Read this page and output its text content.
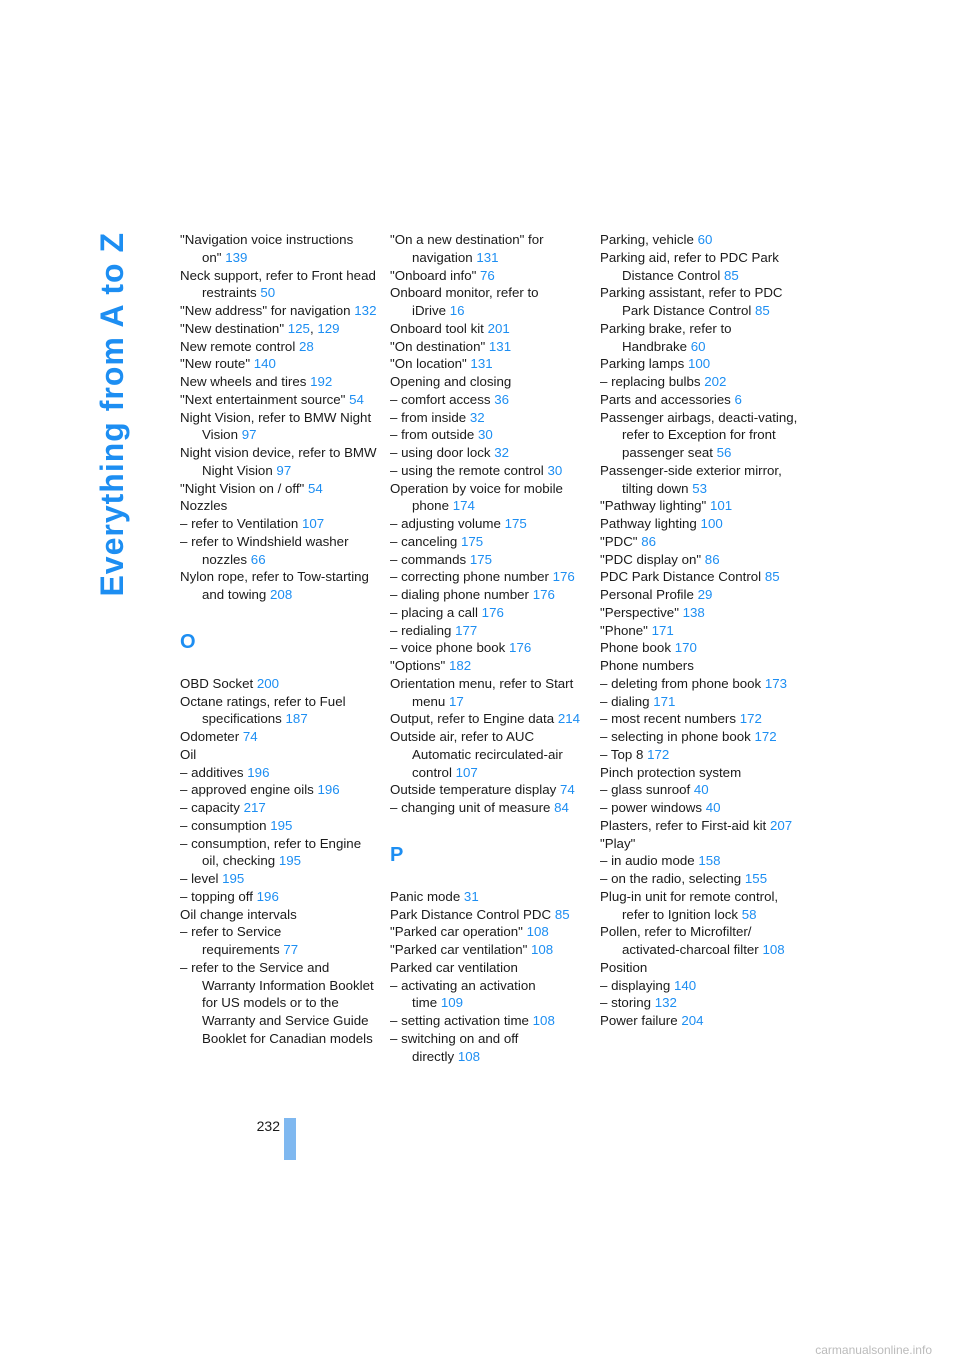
Everything from A to Z	"Navigation voice instructions on" 139
Neck support, refer to Front head restraints 50
"New address" for navigation 132
"New destination" 125, 129
New remote control 28
"New route" 140
New wheels and tires 192
"Next entertainment source" 54
Night Vision, refer to BMW Night Vision 97
Night vision device, refer to BMW Night Vision 97
"Night Vision on / off" 54
Nozzles
– refer to Ventilation 107
– refer to Windshield washer nozzles 66
Nylon rope, refer to Tow-starting and towing 208
O
OBD Socket 200
Octane ratings, refer to Fuel specifications 187
Odometer 74
Oil
– additives 196
– approved engine oils 196
– capacity 217
– consumption 195
– consumption, refer to Engine oil, checking 195
– level 195
– topping off 196
Oil change intervals
– refer to Service requirements 77
– refer to the Service and Warranty Information Booklet for US models or to the Warranty and Service Guide Booklet for Canadian models
"On a new destination" for navigation 131
"Onboard info" 76
Onboard monitor, refer to iDrive 16
Onboard tool kit 201
"On destination" 131
"On location" 131
Opening and closing
– comfort access 36
– from inside 32
– from outside 30
– using door lock 32
– using the remote control 30
Operation by voice for mobile phone 174
– adjusting volume 175
– canceling 175
– commands 175
– correcting phone number 176
– dialing phone number 176
– placing a call 176
– redialing 177
– voice phone book 176
"Options" 182
Orientation menu, refer to Start menu 17
Output, refer to Engine data 214
Outside air, refer to AUC Automatic recirculated-air control 107
Outside temperature display 74
– changing unit of measure 84
P
Panic mode 31
Park Distance Control PDC 85
"Parked car operation" 108
"Parked car ventilation" 108
Parked car ventilation
– activating an activation time 109
– setting activation time 108
– switching on and off directly 108
Parking, vehicle 60
Parking aid, refer to PDC Park Distance Control 85
Parking assistant, refer to PDC Park Distance Control 85
Parking brake, refer to Handbrake 60
Parking lamps 100
– replacing bulbs 202
Parts and accessories 6
Passenger airbags, deacti-vating, refer to Exception for front passenger seat 56
Passenger-side exterior mirror, tilting down 53
"Pathway lighting" 101
Pathway lighting 100
"PDC" 86
"PDC display on" 86
PDC Park Distance Control 85
Personal Profile 29
"Perspective" 138
"Phone" 171
Phone book 170
Phone numbers
– deleting from phone book 173
– dialing 171
– most recent numbers 172
– selecting in phone book 172
– Top 8 172
Pinch protection system
– glass sunroof 40
– power windows 40
Plasters, refer to First-aid kit 207
"Play"
– in audio mode 158
– on the radio, selecting 155
Plug-in unit for remote control, refer to Ignition lock 58
Pollen, refer to Microfilter/ activated-charcoal filter 108
Position
– displaying 140
– storing 132
Power failure 204
232
carmanualsonline.info
